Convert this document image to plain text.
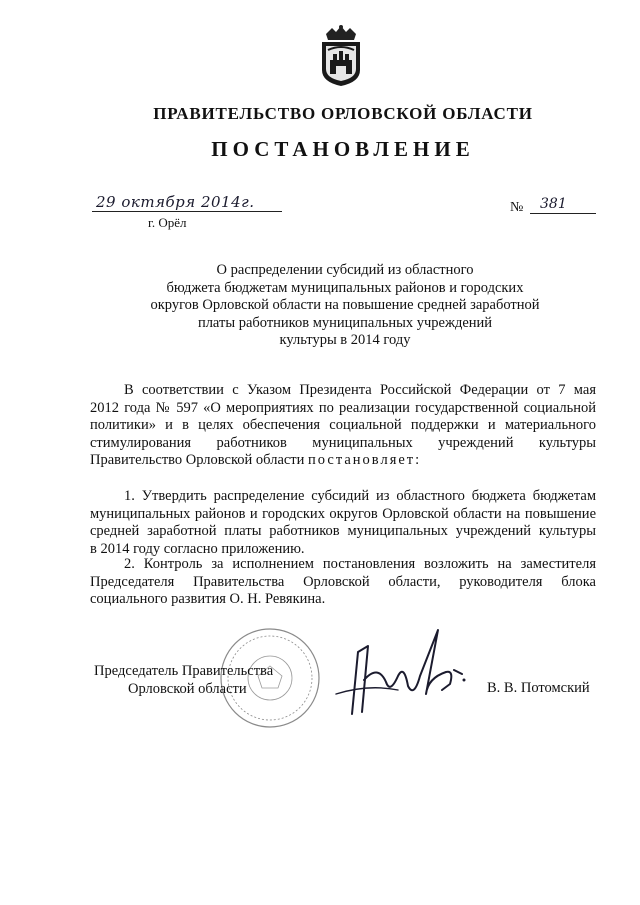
ПРАВИТЕЛЬСТВО ОРЛОВСКОЙ ОБЛАСТИ
ПОСТАНОВЛЕНИЕ
29 октября 2014г.
г. Орёл
№ 381
О распределении субсидий из областного
бюджета бюджетам муниципальных районов и городских
округов Орловской области на повышение средней заработной
платы работников муниципальных учреждений
культуры в 2014 году
В соответствии с Указом Президента Российской Федерации от 7 мая
2012 года № 597 «О мероприятиях по реализации государственной социальной
политики» и в целях обеспечения социальной поддержки и материального
стимулирования работников муниципальных учреждений культуры
Правительство Орловской области постановляет:
1. Утвердить распределение субсидий из областного бюджета бюджетам
муниципальных районов и городских округов Орловской области на повышение
средней заработной платы работников муниципальных учреждений культуры
в 2014 году согласно приложению.
2. Контроль за исполнением постановления возложить на заместителя
Председателя Правительства Орловской области, руководителя блока
социального развития О. Н. Ревякина.
Председатель Правительства
Орловской области	В. В. Потомский
